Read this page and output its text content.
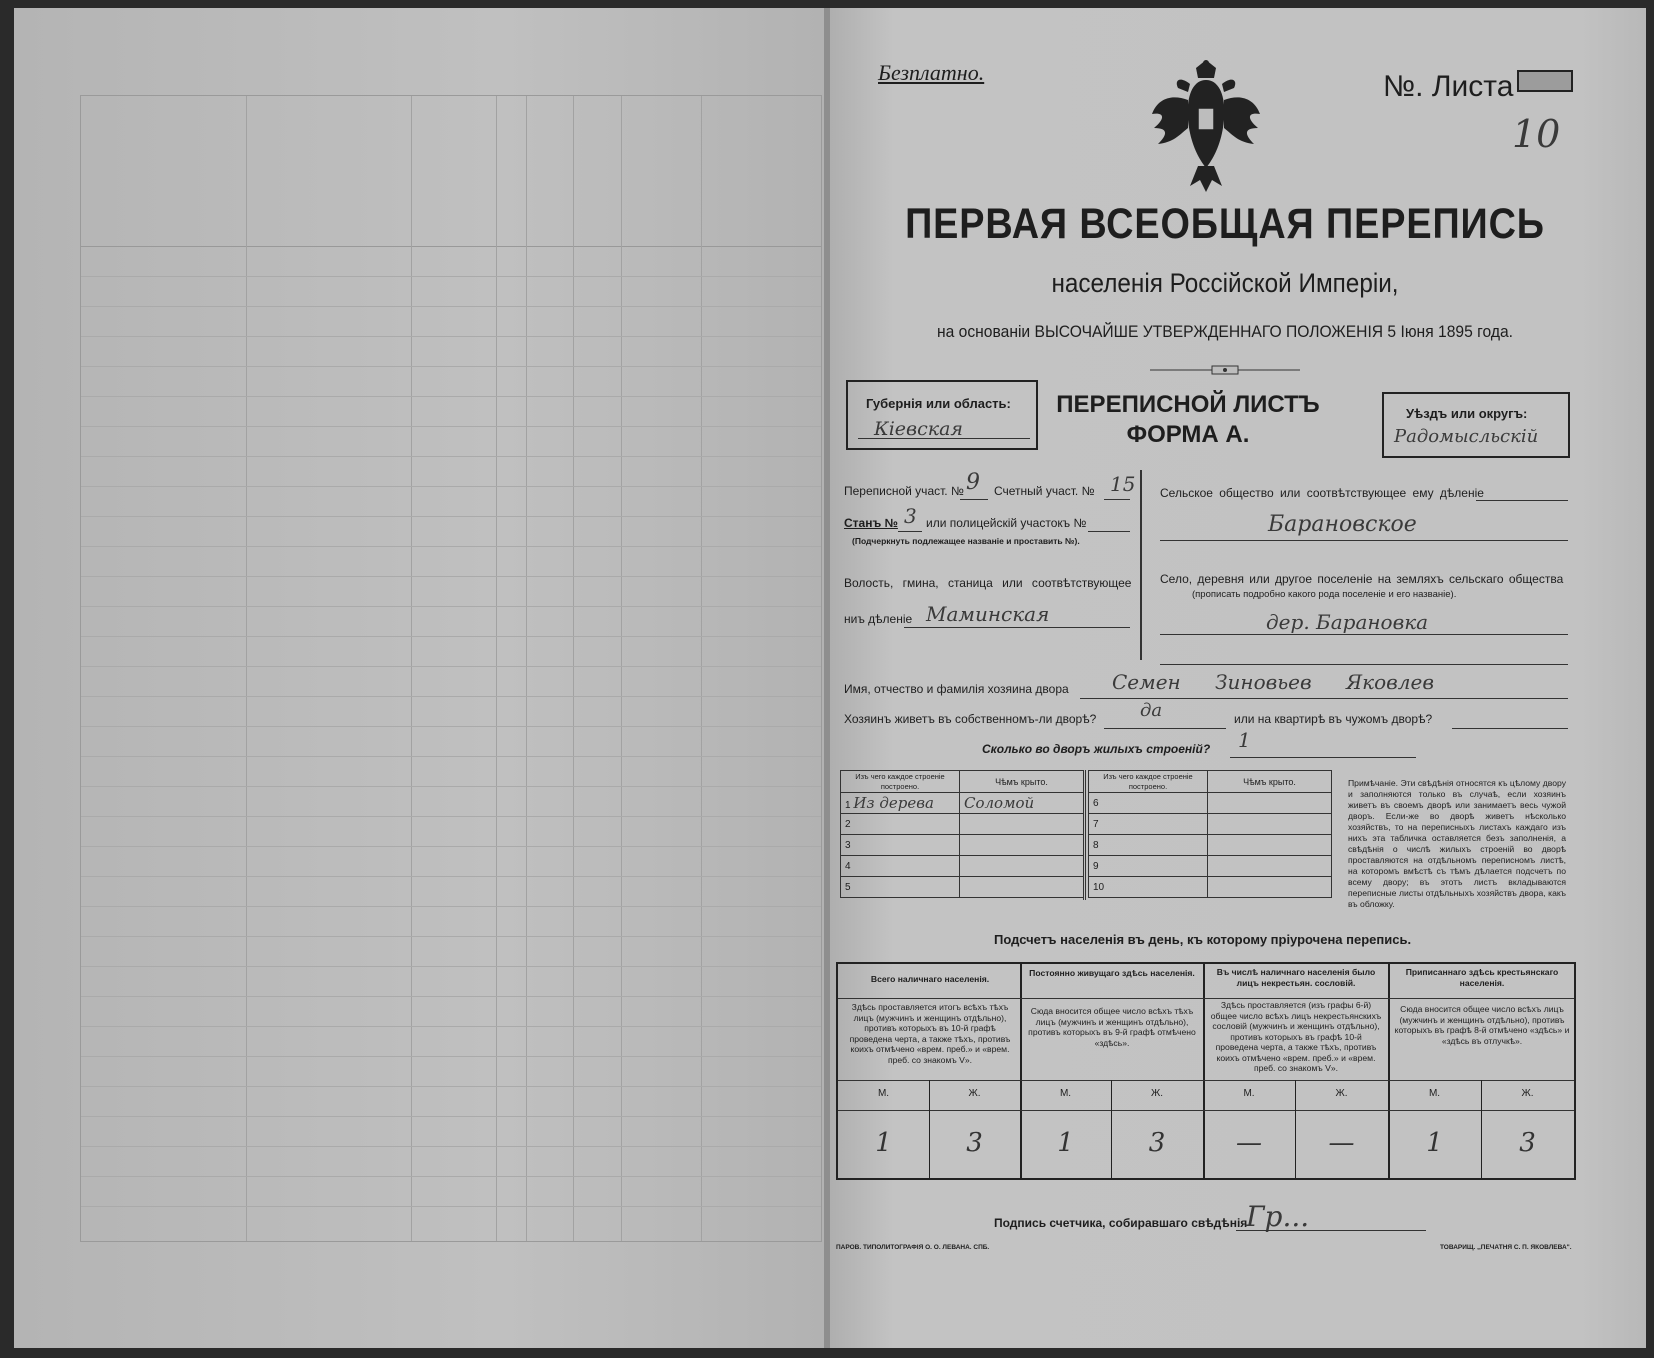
Безплатно.	№. Листа
10
ПЕРВАЯ ВСЕОБЩАЯ ПЕРЕПИСЬ
населенія Россійской Имперіи,
на основаніи ВЫСОЧАЙШЕ УТВЕРЖДЕННАГО ПОЛОЖЕНІЯ 5 Іюня 1895 года.
Губернія или область:
Кіевская
ПЕРЕПИСНОЙ ЛИСТЪ
ФОРМА А.
Уѣздъ или округъ:
Радомысльскій
Переписной участ. № 9 Счетный участ. № 15
Станъ № 3 или полицейскій участокъ №
(Подчеркнуть подлежащее названіе и проставить №).
Волость, гмина, станица или соотвѣтствующее
ниъ дѣленіе Маминская
Сельское общество или соотвѣтствующее ему дѣленіе
Барановское
Село, деревня или другое поселеніе на земляхъ сельскаго общества
(прописать подробно какого рода поселеніе и его названіе).
дер. Барановка
Имя, отчество и фамилія хозяина двора Семен Зиновьев Яковлев
Хозяинъ живетъ въ собственномъ-ли дворѣ? да	или на квартирѣ въ чужомъ дворѣ?
Сколько во дворъ жилыхъ строеній? 1
Изъ чего каждое строеніе построено.	Чѣмъ крыто.
1 Из дерева	Соломой
2	
3	
4	
5	
Изъ чего каждое строеніе построено.	Чѣмъ крыто.
6	
7	
8	
9	
10	
Примѣчаніе. Эти свѣдѣнія относятся къ цѣлому двору и заполняются только въ случаѣ, если хозяинъ живетъ въ своемъ дворѣ или занимаетъ весь чужой дворъ. Если-же во дворѣ живетъ нѣсколько хозяйствъ, то на переписныхъ листахъ каждаго изъ нихъ эта табличка оставляется безъ заполненія, а свѣдѣнія о числѣ жилыхъ строеній во дворѣ проставляются на отдѣльномъ переписномъ листѣ, на которомъ вмѣстѣ съ тѣмъ дѣлается подсчетъ по всему двору; въ этотъ листъ вкладываются переписные листы отдѣльныхъ хозяйствъ двора, какъ въ обложку.
Подсчетъ населенія въ день, къ которому пріурочена перепись.
Всего наличнаго населенія.
Здѣсь проставляется итогъ всѣхъ тѣхъ лицъ (мужчинъ и женщинъ отдѣльно), противъ которыхъ въ 10-й графѣ проведена черта, а также тѣхъ, противъ коихъ отмѣчено «врем. преб.» и «врем. преб. со знакомъ V».
Постоянно живущаго здѣсь населенія.
Сюда вносится общее число всѣхъ тѣхъ лицъ (мужчинъ и женщинъ отдѣльно), противъ которыхъ въ 9-й графѣ отмѣчено «здѣсь».
Въ числѣ наличнаго населенія было лицъ некрестьян. сословій.
Здѣсь проставляется (изъ графы 6-й) общее число всѣхъ лицъ некрестьянскихъ сословій (мужчинъ и женщинъ отдѣльно), противъ которыхъ въ графѣ 10-й проведена черта, а также тѣхъ, противъ коихъ отмѣчено «врем. преб.» и «врем. преб. со знакомъ V».
Приписаннаго здѣсь крестьянскаго населенія.
Сюда вносится общее число всѣхъ лицъ (мужчинъ и женщинъ отдѣльно), противъ которыхъ въ графѣ 8-й отмѣчено «здѣсь» и «здѣсь въ отлучкѣ».
М.	Ж.	М.	Ж.	М.	Ж.	М.	Ж.
1	3	1	3	—	—	1	3
Подпись счетчика, собиравшаго свѣдѣнія
Гр...
ПАРОВ. ТИПОЛИТОГРАФІЯ О. О. ЛЕВАНА. СПБ.	ТОВАРИЩ. ,,ПЕЧАТНЯ С. П. ЯКОВЛЕВА".
